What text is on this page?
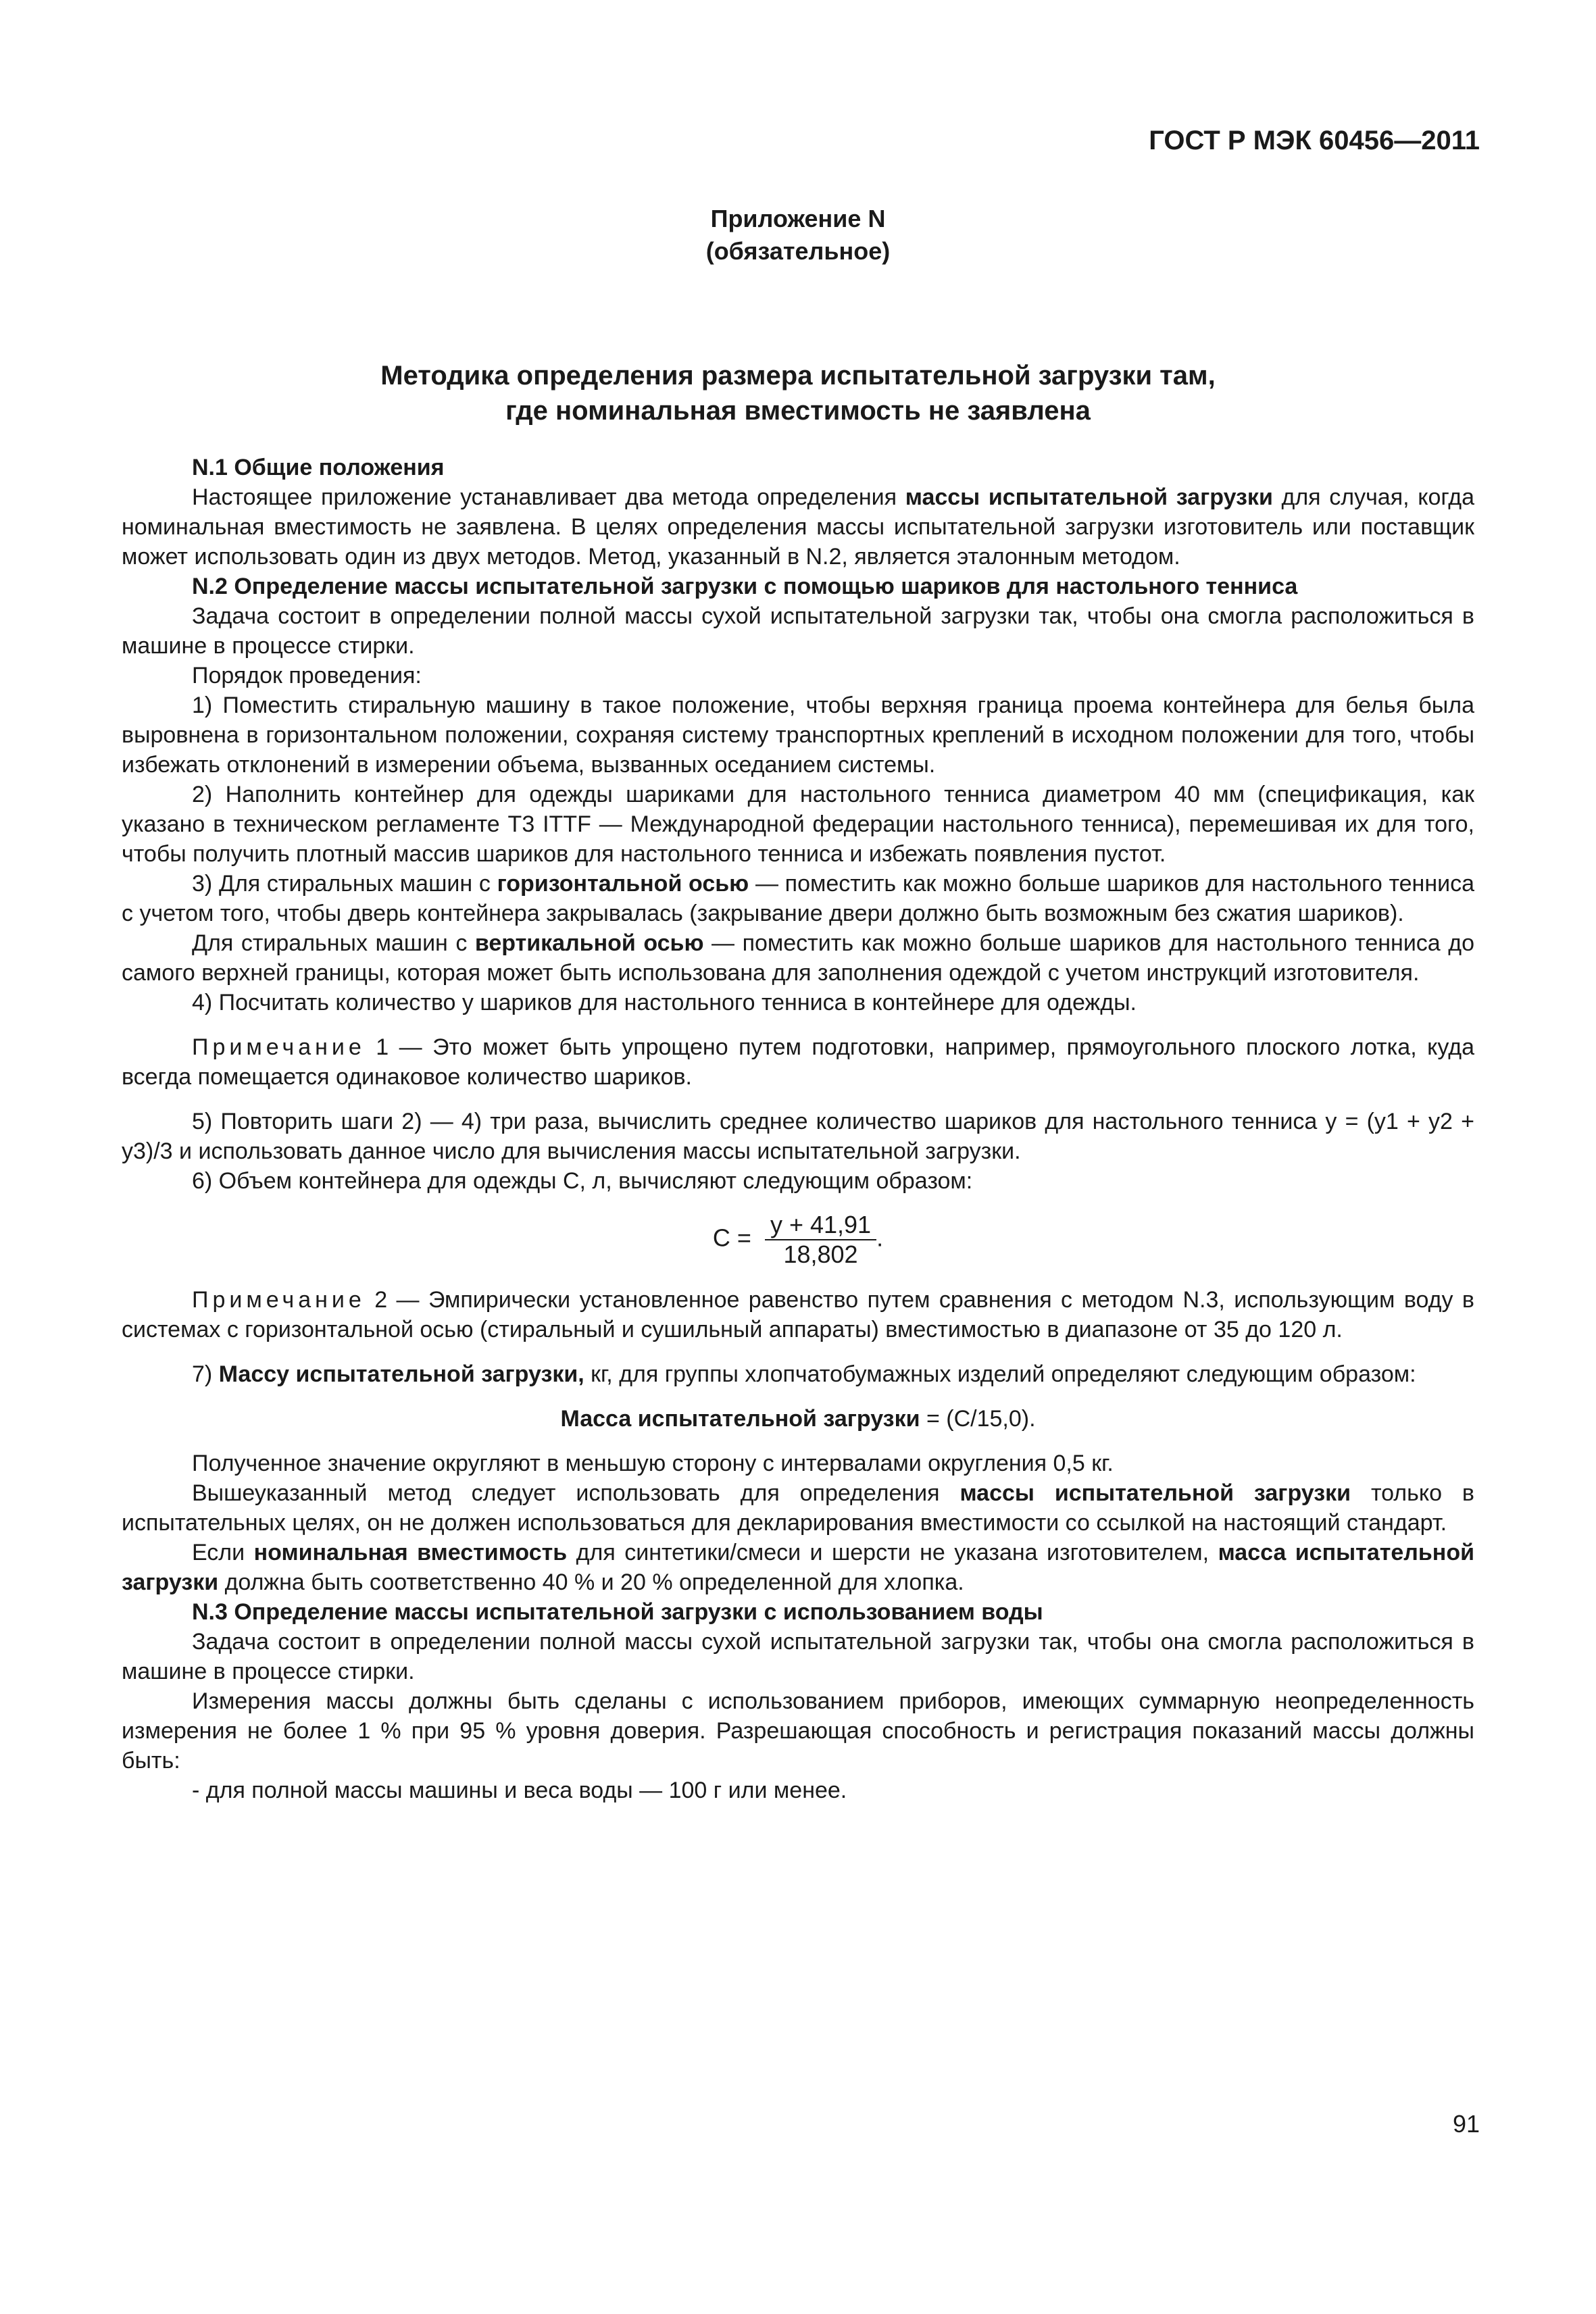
ГОСТ Р МЭК 60456—2011
Приложение N
(обязательное)
Методика определения размера испытательной загрузки там,
где номинальная вместимость не заявлена

N.1 Общие положения

Настоящее приложение устанавливает два метода определения массы испытательной загрузки для случая, когда номинальная вместимость не заявлена. В целях определения массы испытательной загрузки изготовитель или поставщик может использовать один из двух методов. Метод, указанный в N.2, является эталонным методом.

N.2 Определение массы испытательной загрузки с помощью шариков для настольного тенниса

Задача состоит в определении полной массы сухой испытательной загрузки так, чтобы она смогла расположиться в машине в процессе стирки.

Порядок проведения:

1) Поместить стиральную машину в такое положение, чтобы верхняя граница проема контейнера для белья была выровнена в горизонтальном положении, сохраняя систему транспортных креплений в исходном положении для того, чтобы избежать отклонений в измерении объема, вызванных оседанием системы.

2) Наполнить контейнер для одежды шариками для настольного тенниса диаметром 40 мм (спецификация, как указано в техническом регламенте Т3 ITTF — Международной федерации настольного тенниса), перемешивая их для того, чтобы получить плотный массив шариков для настольного тенниса и избежать появления пустот.

3) Для стиральных машин с горизонтальной осью — поместить как можно больше шариков для настольного тенниса с учетом того, чтобы дверь контейнера закрывалась (закрывание двери должно быть возможным без сжатия шариков).

Для стиральных машин с вертикальной осью — поместить как можно больше шариков для настольного тенниса до самого верхней границы, которая может быть использована для заполнения одеждой с учетом инструкций изготовителя.

4) Посчитать количество y шариков для настольного тенниса в контейнере для одежды.

Примечание 1 — Это может быть упрощено путем подготовки, например, прямоугольного плоского лотка, куда всегда помещается одинаковое количество шариков.

5) Повторить шаги 2) — 4) три раза, вычислить среднее количество шариков для настольного тенниса y = (y1 + y2 + y3)/3 и использовать данное число для вычисления массы испытательной загрузки.

6) Объем контейнера для одежды C, л, вычисляют следующим образом:

$C = \frac{y + 41,91}{18,802}$ .

Примечание 2 — Эмпирически установленное равенство путем сравнения с методом N.3, использующим воду в системах с горизонтальной осью (стиральный и сушильный аппараты) вместимостью в диапазоне от 35 до 120 л.

7) Массу испытательной загрузки, кг, для группы хлопчатобумажных изделий определяют следующим образом:

Масса испытательной загрузки = (C/15,0).

Полученное значение округляют в меньшую сторону с интервалами округления 0,5 кг.

Вышеуказанный метод следует использовать для определения массы испытательной загрузки только в испытательных целях, он не должен использоваться для декларирования вместимости со ссылкой на настоящий стандарт.

Если номинальная вместимость для синтетики/смеси и шерсти не указана изготовителем, масса испытательной загрузки должна быть соответственно 40 % и 20 % определенной для хлопка.

N.3 Определение массы испытательной загрузки с использованием воды

Задача состоит в определении полной массы сухой испытательной загрузки так, чтобы она смогла расположиться в машине в процессе стирки.

Измерения массы должны быть сделаны с использованием приборов, имеющих суммарную неопределенность измерения не более 1 % при 95 % уровня доверия. Разрешающая способность и регистрация показаний массы должны быть:

- для полной массы машины и веса воды — 100 г или менее.

91
